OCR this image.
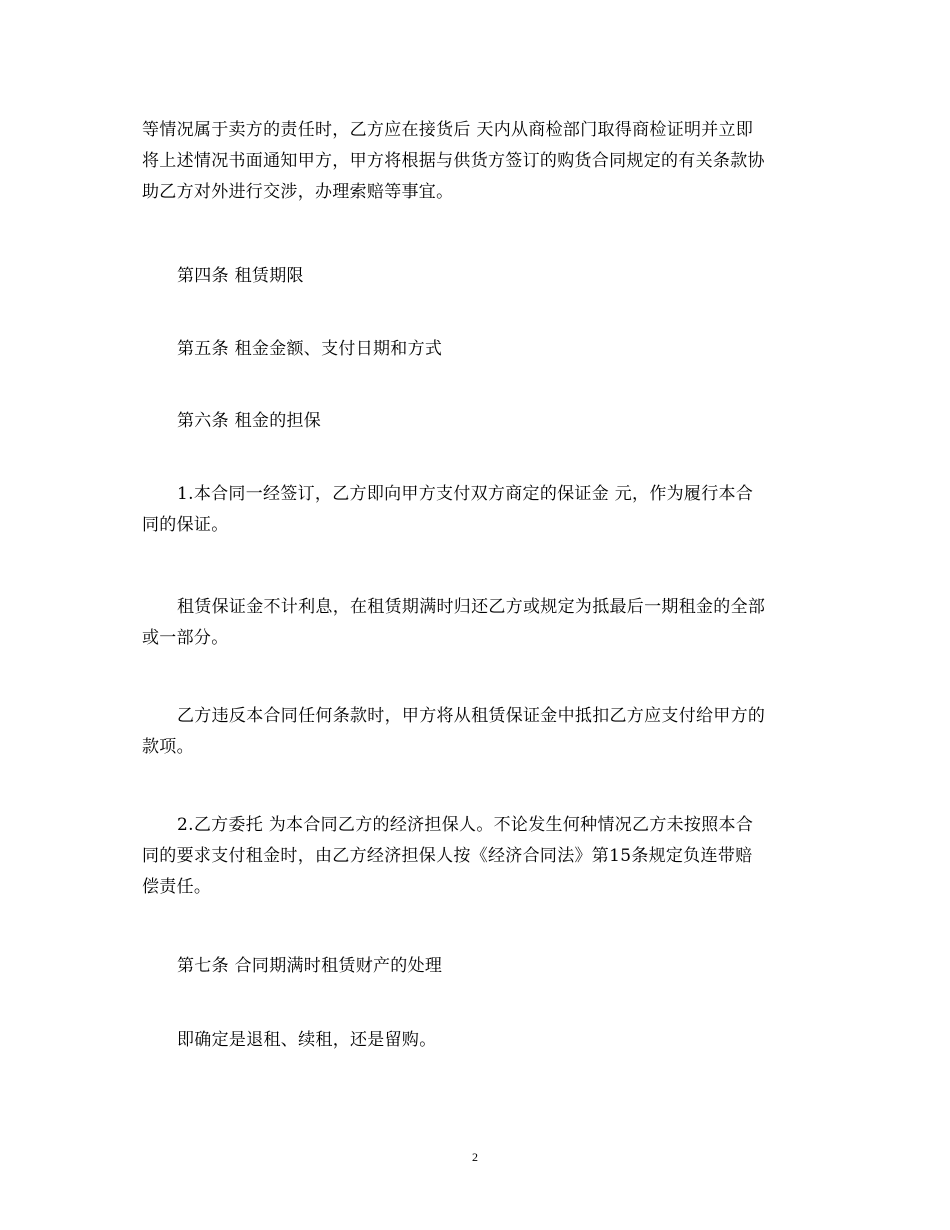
等情况属于卖方的责任时，乙方应在接货后 天内从商检部门取得商检证明并立即
将上述情况书面通知甲方，甲方将根据与供货方签订的购货合同规定的有关条款协
助乙方对外进行交涉，办理索赔等事宜。
第四条 租赁期限
第五条 租金金额、支付日期和方式
第六条 租金的担保
1.本合同一经签订，乙方即向甲方支付双方商定的保证金 元，作为履行本合
同的保证。
租赁保证金不计利息，在租赁期满时归还乙方或规定为抵最后一期租金的全部
或一部分。
乙方违反本合同任何条款时，甲方将从租赁保证金中抵扣乙方应支付给甲方的
款项。
2.乙方委托 为本合同乙方的经济担保人。不论发生何种情况乙方未按照本合
同的要求支付租金时，由乙方经济担保人按《经济合同法》第15条规定负连带赔
偿责任。
第七条 合同期满时租赁财产的处理
即确定是退租、续租，还是留购。
2
